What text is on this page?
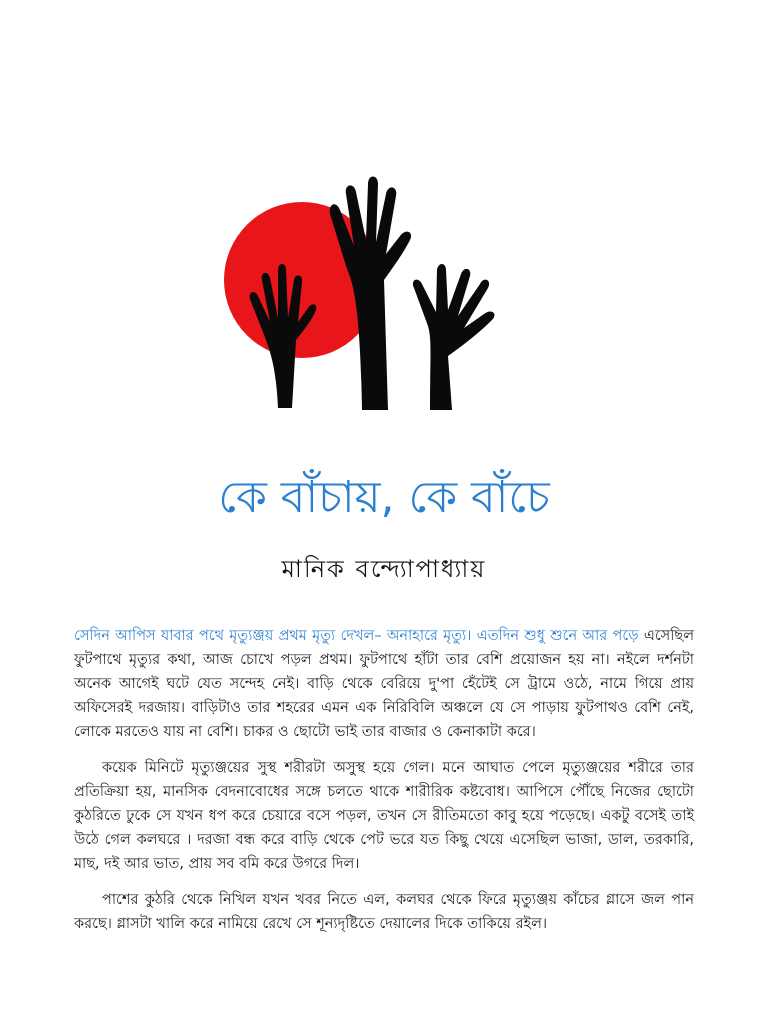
কে বাঁচায়, কে বাঁচে
মানিক বন্দ্যোপাধ্যায়

সেদিন আপিস যাবার পথে মৃত্যুঞ্জয় প্রথম মৃত্যু দেখল– অনাহারে মৃত্যু। এতদিন শুধু শুনে আর পড়ে এসেছিল ফুটপাথে মৃত্যুর কথা, আজ চোখে পড়ল প্রথম। ফুটপাথে হাঁটা তার বেশি প্রয়োজন হয় না। নইলে দর্শনটা অনেক আগেই ঘটে যেত সন্দেহ নেই। বাড়ি থেকে বেরিয়ে দু'পা হেঁটেই সে ট্রামে ওঠে, নামে গিয়ে প্রায় অফিসেরই দরজায়। বাড়িটাও তার শহরের এমন এক নিরিবিলি অঞ্চলে যে সে পাড়ায় ফুটপাথও বেশি নেই, লোকে মরতেও যায় না বেশি। চাকর ও ছোটো ভাই তার বাজার ও কেনাকাটা করে।

কয়েক মিনিটে মৃত্যুঞ্জয়ের সুস্থ শরীরটা অসুস্থ হয়ে গেল। মনে আঘাত পেলে মৃত্যুঞ্জয়ের শরীরে তার প্রতিক্রিয়া হয়, মানসিক বেদনাবোধের সঙ্গে চলতে থাকে শারীরিক কষ্টবোধ। আপিসে পৌঁছে নিজের ছোটো কুঠরিতে ঢুকে সে যখন ধপ করে চেয়ারে বসে পড়ল, তখন সে রীতিমতো কাবু হয়ে পড়েছে। একটু বসেই তাই উঠে গেল কলঘরে । দরজা বন্ধ করে বাড়ি থেকে পেট ভরে যত কিছু খেয়ে এসেছিল ভাজা, ডাল, তরকারি, মাছ, দই আর ভাত, প্রায় সব বমি করে উগরে দিল।

পাশের কুঠরি থেকে নিখিল যখন খবর নিতে এল, কলঘর থেকে ফিরে মৃত্যুঞ্জয় কাঁচের গ্লাসে জল পান করছে। গ্লাসটা খালি করে নামিয়ে রেখে সে শূন্যদৃষ্টিতে দেয়ালের দিকে তাকিয়ে রইল।
